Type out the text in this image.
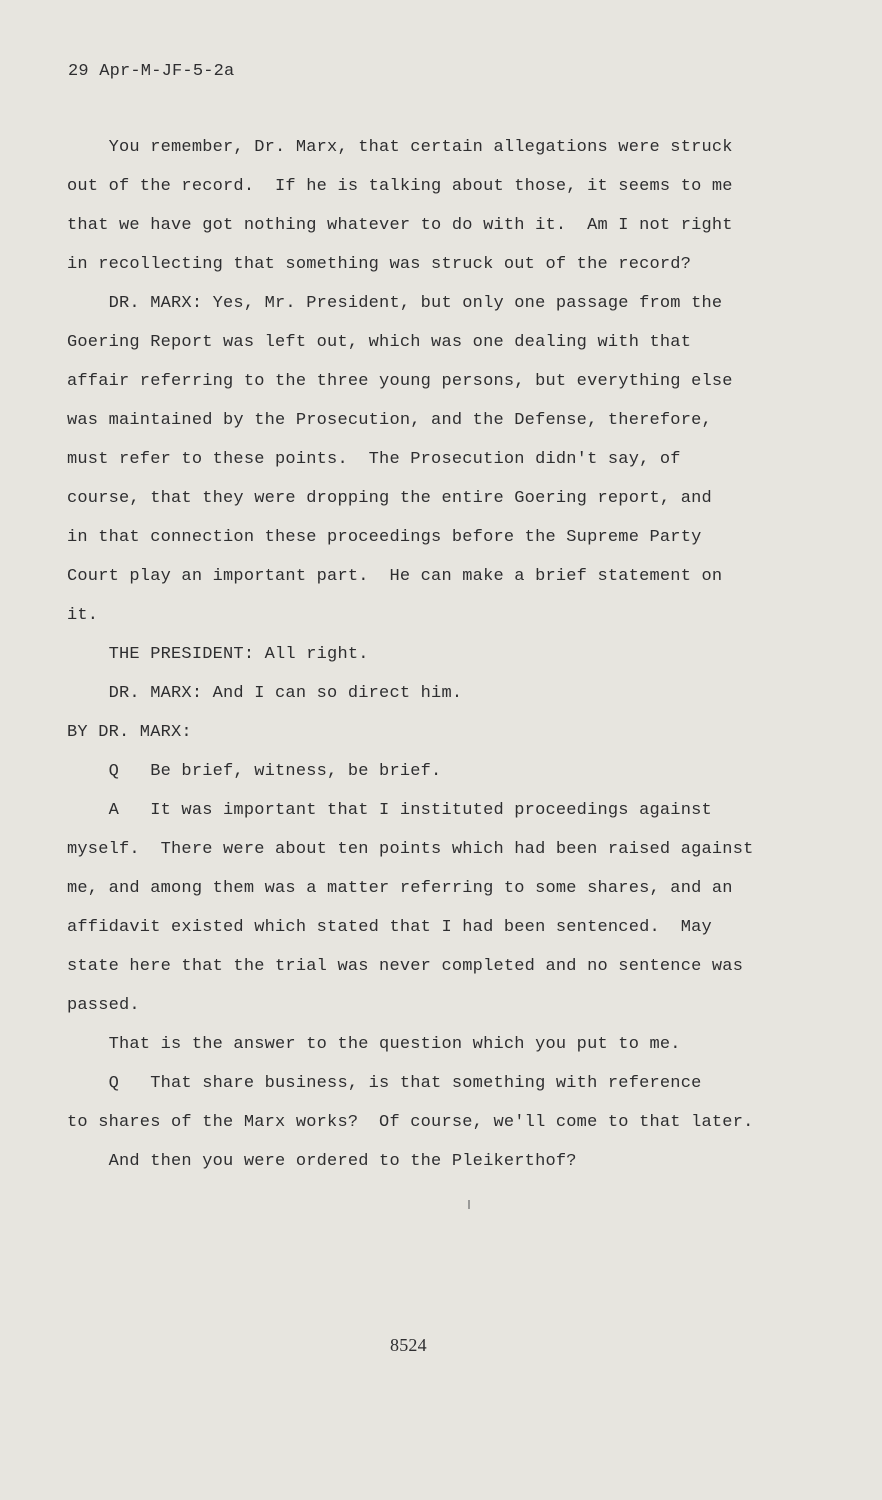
29 Apr-M-JF-5-2a
You remember, Dr. Marx, that certain allegations were struck
out of the record.  If he is talking about those, it seems to me
that we have got nothing whatever to do with it.  Am I not right
in recollecting that something was struck out of the record?
DR. MARX: Yes, Mr. President, but only one passage from the
Goering Report was left out, which was one dealing with that
affair referring to the three young persons, but everything else
was maintained by the Prosecution, and the Defense, therefore,
must refer to these points.  The Prosecution didn't say, of
course, that they were dropping the entire Goering report, and
in that connection these proceedings before the Supreme Party
Court play an important part.  He can make a brief statement on
it.
THE PRESIDENT: All right.
DR. MARX: And I can so direct him.
BY DR. MARX:
Q   Be brief, witness, be brief.
A   It was important that I instituted proceedings against
myself.  There were about ten points which had been raised against
me, and among them was a matter referring to some shares, and an
affidavit existed which stated that I had been sentenced.  May
state here that the trial was never completed and no sentence was
passed.
That is the answer to the question which you put to me.
Q   That share business, is that something with reference
to shares of the Marx works?  Of course, we'll come to that later.
And then you were ordered to the Pleikerthof?
8524
